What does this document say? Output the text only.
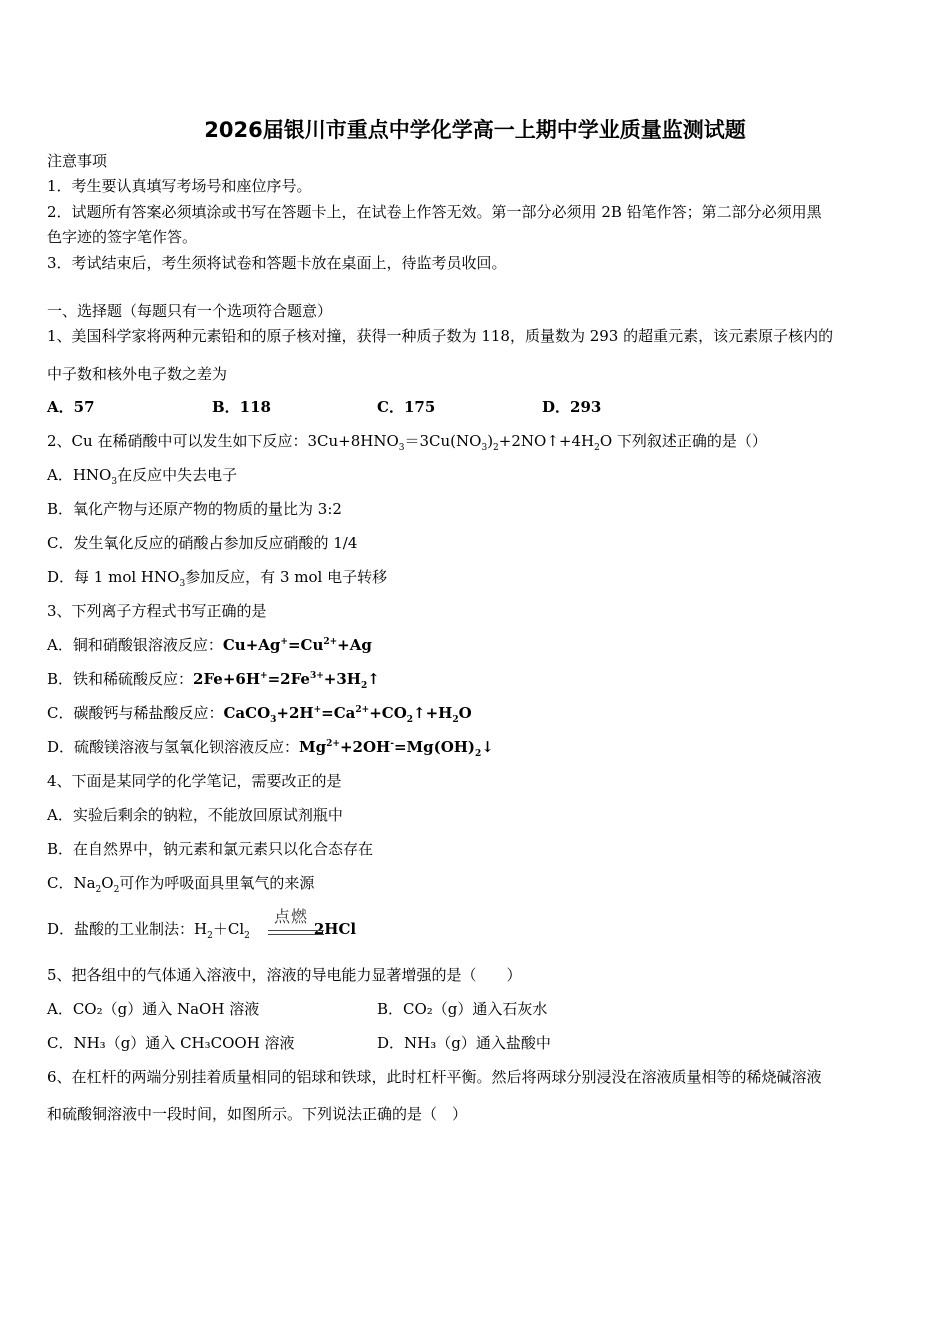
2026届银川市重点中学化学高一上期中学业质量监测试题
注意事项
1．考生要认真填写考场号和座位序号。
2．试题所有答案必须填涂或书写在答题卡上，在试卷上作答无效。第一部分必须用 2B 铅笔作答；第二部分必须用黑
色字迹的签字笔作答。
3．考试结束后，考生须将试卷和答题卡放在桌面上，待监考员收回。
一、选择题（每题只有一个选项符合题意）
1、美国科学家将两种元素铅和的原子核对撞，获得一种质子数为 118，质量数为 293 的超重元素，该元素原子核内的
中子数和核外电子数之差为
A．57	B．118	C．175	D．293
2、Cu 在稀硝酸中可以发生如下反应：$3Cu+8HNO_3=3Cu(NO_3)_2+2NO↑+4H_2O$ 下列叙述正确的是（）
A．$HNO_3$在反应中失去电子
B．氧化产物与还原产物的物质的量比为 3:2
C．发生氧化反应的硝酸占参加反应硝酸的 1/4
D．每 1 mol $HNO_3$参加反应，有 3 mol 电子转移
3、下列离子方程式书写正确的是
A．铜和硝酸银溶液反应：$Cu+Ag^+=Cu^{2+}+Ag$
B．铁和稀硫酸反应：$2Fe+6H^+=2Fe^{3+}+3H_2↑$
C．碳酸钙与稀盐酸反应：$CaCO_3+2H^+=Ca^{2+}+CO_2↑+H_2O$
D．硫酸镁溶液与氢氧化钡溶液反应：$Mg^{2+}+2OH^-=Mg(OH)_2↓$
4、下面是某同学的化学笔记，需要改正的是
A．实验后剩余的钠粒，不能放回原试剂瓶中
B．在自然界中，钠元素和氯元素只以化合态存在
C．$Na_2O_2$可作为呼吸面具里氧气的来源
D．盐酸的工业制法：$H_2+Cl_2$	2HCl
点燃
5、把各组中的气体通入溶液中，溶液的导电能力显著增强的是（　　）
A．CO₂（g）通入 NaOH 溶液	B．CO₂（g）通入石灰水
C．NH₃（g）通入 CH₃COOH 溶液	D．NH₃（g）通入盐酸中
6、在杠杆的两端分别挂着质量相同的铝球和铁球，此时杠杆平衡。然后将两球分别浸没在溶液质量相等的稀烧碱溶液
和硫酸铜溶液中一段时间，如图所示。下列说法正确的是（　）
